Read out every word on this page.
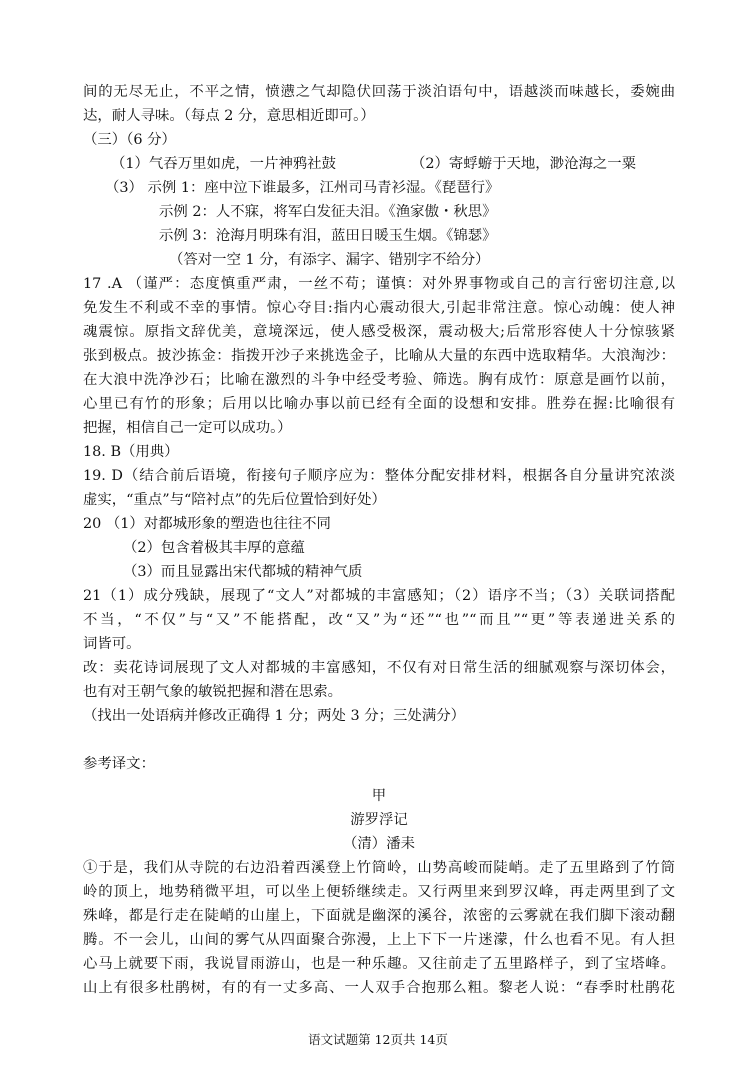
间的无尽无止，不平之情，愤懑之气却隐伏回荡于淡泊语句中，语越淡而味越长，委婉曲
达，耐人寻味。（每点 2 分，意思相近即可。）
（三）（6 分）
（1）气吞万里如虎，一片神鸦社鼓	（2）寄蜉蝣于天地，渺沧海之一粟
（3） 示例 1：座中泣下谁最多，江州司马青衫湿。《琵琶行》
示例 2：人不寐，将军白发征夫泪。《渔家傲・秋思》
示例 3：沧海月明珠有泪，蓝田日暖玉生烟。《锦瑟》
（答对一空 1 分，有添字、漏字、错别字不给分）
17 .A （谨严：态度慎重严肃，一丝不苟；谨慎：对外界事物或自己的言行密切注意,以
免发生不利或不幸的事情。惊心夺目:指内心震动很大,引起非常注意。惊心动魄：使人神
魂震惊。原指文辞优美，意境深远，使人感受极深，震动极大;后常形容使人十分惊骇紧
张到极点。披沙拣金：指拨开沙子来挑选金子，比喻从大量的东西中选取精华。大浪淘沙：
在大浪中洗净沙石；比喻在激烈的斗争中经受考验、筛选。胸有成竹：原意是画竹以前，
心里已有竹的形象；后用以比喻办事以前已经有全面的设想和安排。胜券在握:比喻很有
把握，相信自己一定可以成功。）
18. B（用典）
19. D（结合前后语境，衔接句子顺序应为：整体分配安排材料，根据各自分量讲究浓淡
虚实，“重点”与“陪衬点”的先后位置恰到好处）
20 （1）对都城形象的塑造也往往不同
（2）包含着极其丰厚的意蕴
（3）而且显露出宋代都城的精神气质
21（1）成分残缺，展现了“文人”对都城的丰富感知；（2）语序不当；（3）关联词搭配
不当，“不仅”与“又”不能搭配，改“又”为“还”“也”“而且”“更”等表递进关系的
词皆可。
改：卖花诗词展现了文人对都城的丰富感知，不仅有对日常生活的细腻观察与深切体会，
也有对王朝气象的敏锐把握和潜在思索。
（找出一处语病并修改正确得 1 分；两处 3 分；三处满分）
参考译文：
甲
游罗浮记
（清）潘耒
①于是，我们从寺院的右边沿着西溪登上竹筒岭，山势高峻而陡峭。走了五里路到了竹筒
岭的顶上，地势稍微平坦，可以坐上便轿继续走。又行两里来到罗汉峰，再走两里到了文
殊峰，都是行走在陡峭的山崖上，下面就是幽深的溪谷，浓密的云雾就在我们脚下滚动翻
腾。不一会儿，山间的雾气从四面聚合弥漫，上上下下一片迷濛，什么也看不见。有人担
心马上就要下雨，我说冒雨游山，也是一种乐趣。又往前走了五里路样子，到了宝塔峰。
山上有很多杜鹃树，有的有一丈多高、一人双手合抱那么粗。黎老人说：“春季时杜鹃花
语文试题第 12页共 14页
